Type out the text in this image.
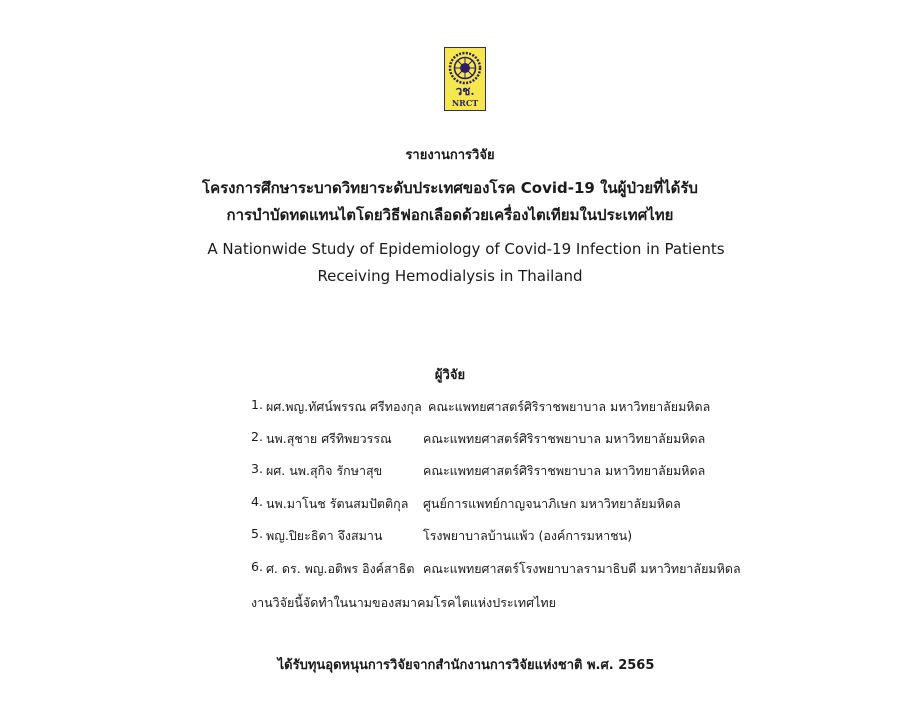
วช.
NRCT
รายงานการวิจัย
โครงการศึกษาระบาดวิทยาระดับประเทศของโรค Covid-19 ในผู้ป่วยที่ได้รับ
การบำบัดทดแทนไตโดยวิธีฟอกเลือดด้วยเครื่องไตเทียมในประเทศไทย
A Nationwide Study of Epidemiology of Covid-19 Infection in Patients
Receiving Hemodialysis in Thailand
ผู้วิจัย
1. ผศ.พญ.ทัศน์พรรณ ศรีทองกุล คณะแพทยศาสตร์ศิริราชพยาบาล มหาวิทยาลัยมหิดล
2. นพ.สุชาย ศรีทิพยวรรณ	คณะแพทยศาสตร์ศิริราชพยาบาล มหาวิทยาลัยมหิดล
3. ผศ. นพ.สุกิจ รักษาสุข	คณะแพทยศาสตร์ศิริราชพยาบาล มหาวิทยาลัยมหิดล
4. นพ.มาโนช รัตนสมปัตติกุล ศูนย์การแพทย์กาญจนาภิเษก มหาวิทยาลัยมหิดล
5. พญ.ปิยะธิดา จึงสมาน	โรงพยาบาลบ้านแพ้ว (องค์การมหาชน)
6. ศ. ดร. พญ.อติพร อิงค์สาธิต คณะแพทยศาสตร์โรงพยาบาลรามาธิบดี มหาวิทยาลัยมหิดล
งานวิจัยนี้จัดทำในนามของสมาคมโรคไตแห่งประเทศไทย
ได้รับทุนอุดหนุนการวิจัยจากสำนักงานการวิจัยแห่งชาติ พ.ศ. 2565
